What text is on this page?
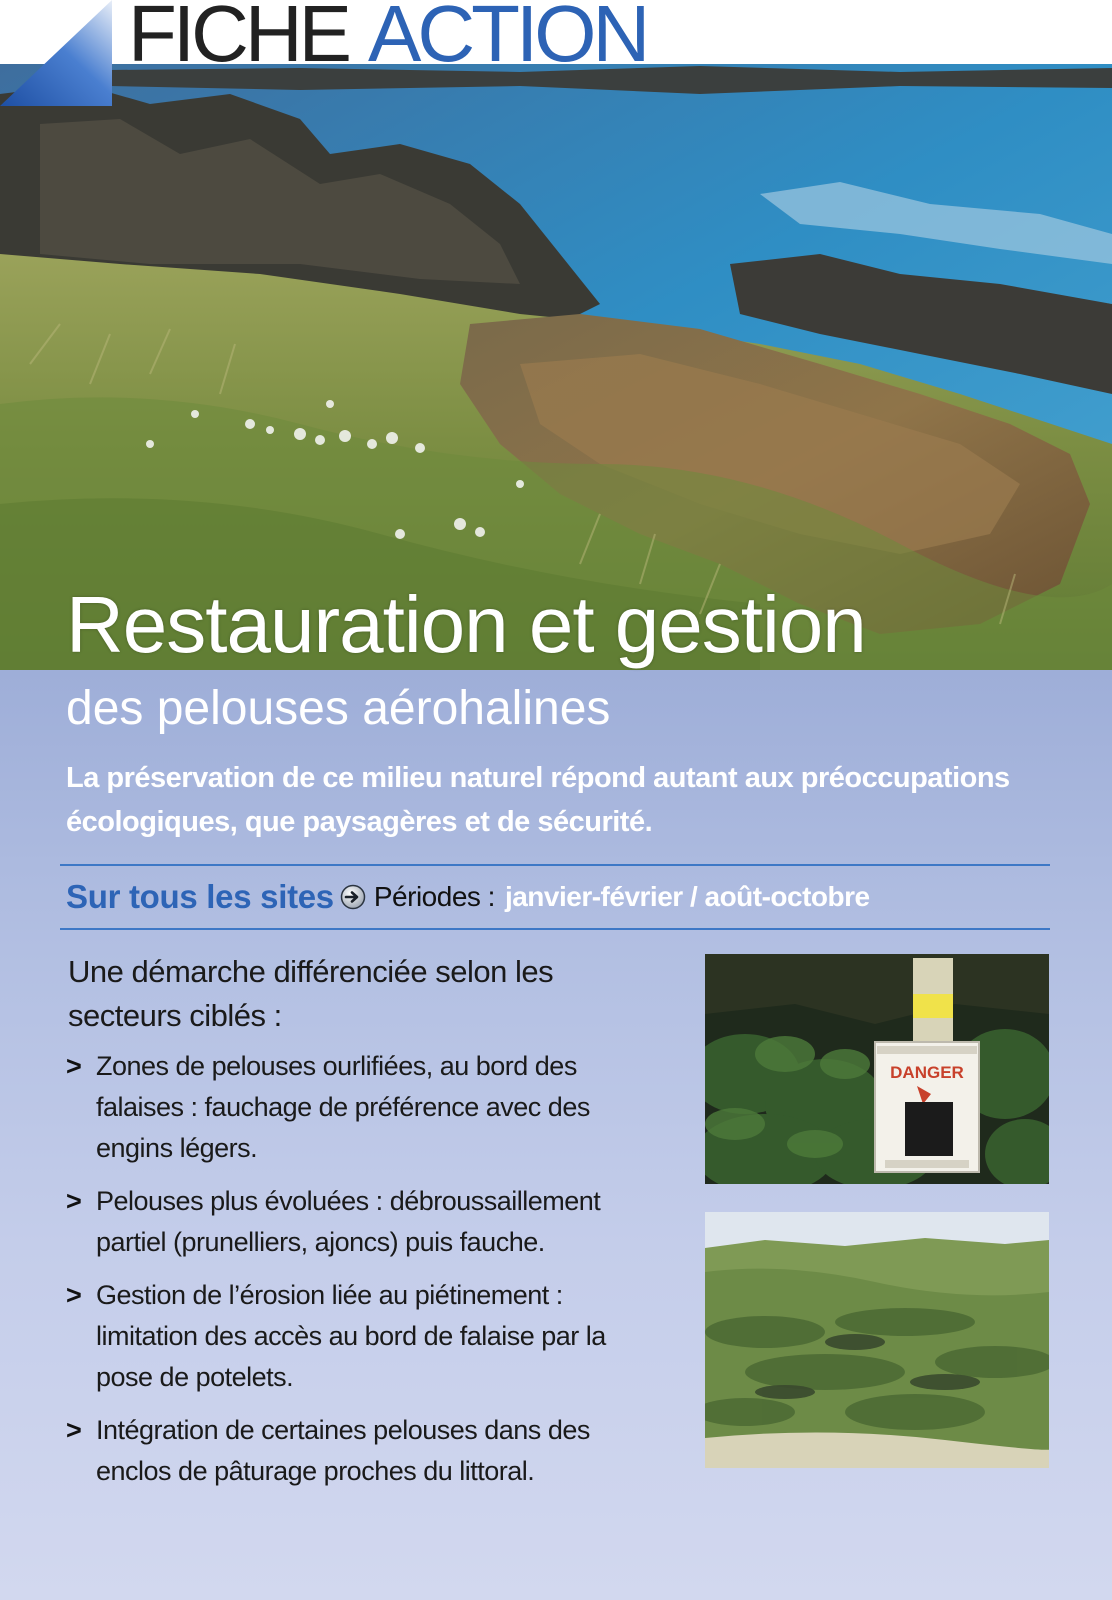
FICHE ACTION
Restauration et gestion
des pelouses aérohalines

La préservation de ce milieu naturel répond autant aux préoccupations écologiques, que paysagères et de sécurité.

Sur tous les sites Périodes : janvier-février / août-octobre

Une démarche différenciée selon les secteurs ciblés :

> Zones de pelouses ourlifiées, au bord des falaises : fauchage de préférence avec des engins légers.
> Pelouses plus évoluées : débroussaillement partiel (prunelliers, ajoncs) puis fauche.
> Gestion de l’érosion liée au piétinement : limitation des accès au bord de falaise par la pose de potelets.
> Intégration de certaines pelouses dans des enclos de pâturage proches du littoral.
DANGER
